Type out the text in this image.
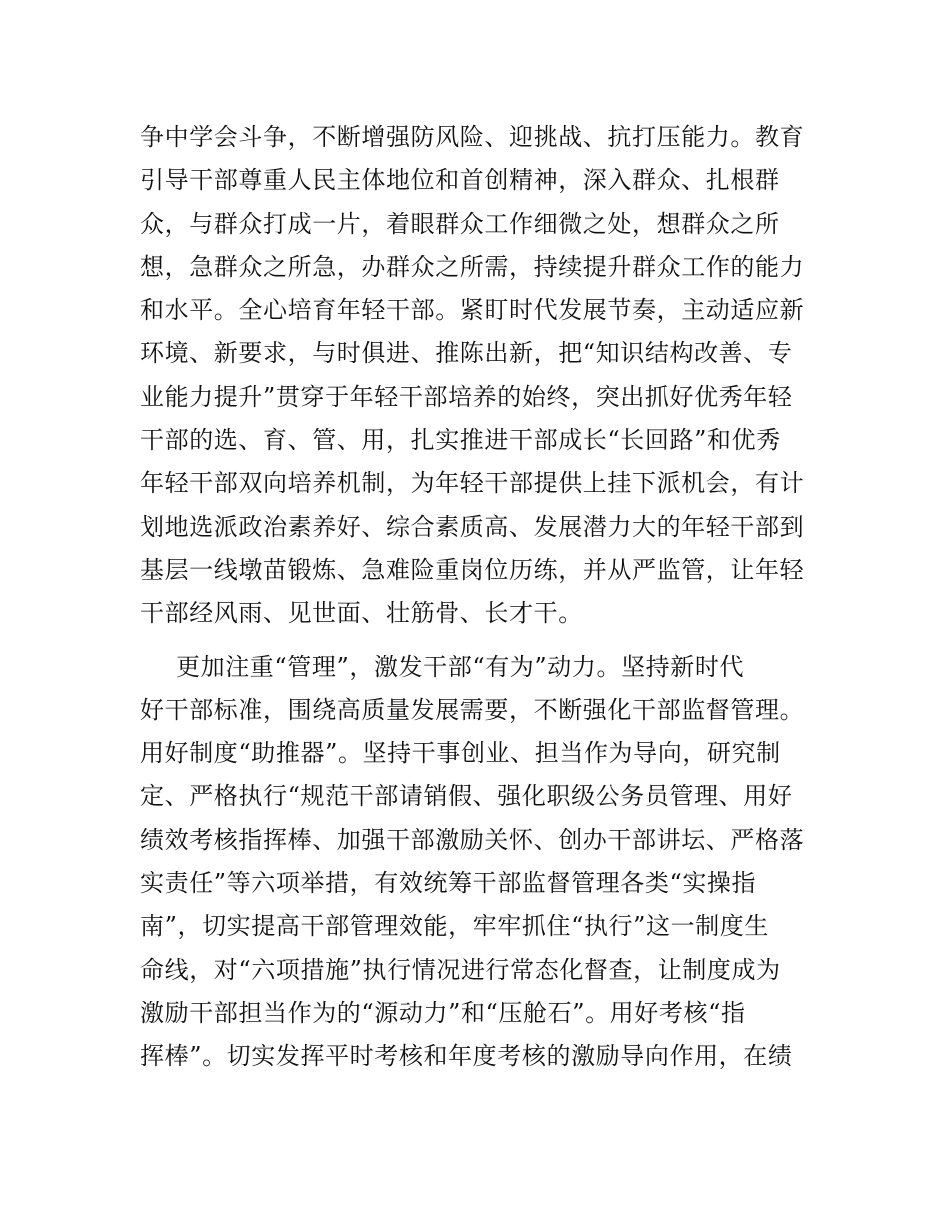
争中学会斗争，不断增强防风险、迎挑战、抗打压能力。教育
引导干部尊重人民主体地位和首创精神，深入群众、扎根群
众，与群众打成一片，着眼群众工作细微之处，想群众之所
想，急群众之所急，办群众之所需，持续提升群众工作的能力
和水平。全心培育年轻干部。紧盯时代发展节奏，主动适应新
环境、新要求，与时俱进、推陈出新，把“知识结构改善、专
业能力提升”贯穿于年轻干部培养的始终，突出抓好优秀年轻
干部的选、育、管、用，扎实推进干部成长“长回路”和优秀
年轻干部双向培养机制，为年轻干部提供上挂下派机会，有计
划地选派政治素养好、综合素质高、发展潜力大的年轻干部到
基层一线墩苗锻炼、急难险重岗位历练，并从严监管，让年轻
干部经风雨、见世面、壮筋骨、长才干。
更加注重“管理”，激发干部“有为”动力。坚持新时代
好干部标准，围绕高质量发展需要，不断强化干部监督管理。
用好制度“助推器”。坚持干事创业、担当作为导向，研究制
定、严格执行“规范干部请销假、强化职级公务员管理、用好
绩效考核指挥棒、加强干部激励关怀、创办干部讲坛、严格落
实责任”等六项举措，有效统筹干部监督管理各类“实操指
南”，切实提高干部管理效能，牢牢抓住“执行”这一制度生
命线，对“六项措施”执行情况进行常态化督查，让制度成为
激励干部担当作为的“源动力”和“压舱石”。用好考核“指
挥棒”。切实发挥平时考核和年度考核的激励导向作用，在绩
